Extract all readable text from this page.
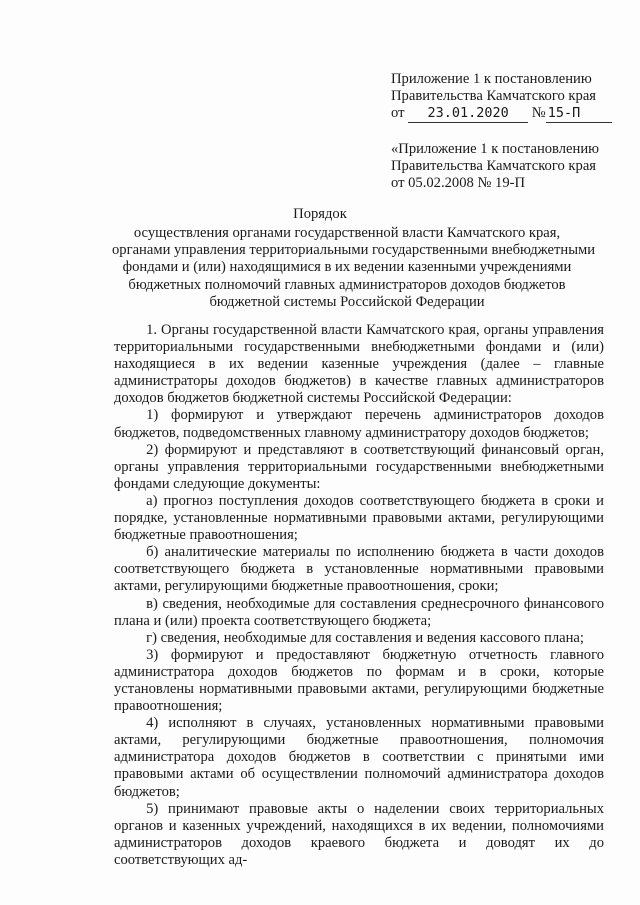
Приложение 1 к постановлению
Правительства Камчатского края
от 23.01.2020 № 15-П
«Приложение 1 к постановлению
Правительства Камчатского края
от 05.02.2008 № 19-П
Порядок
осуществления органами государственной власти Камчатского края,
органами управления территориальными государственными внебюджетными
фондами и (или) находящимися в их ведении казенными учреждениями
бюджетных полномочий главных администраторов доходов бюджетов
бюджетной системы Российской Федерации

1. Органы государственной власти Камчатского края, органы управления территориальными государственными внебюджетными фондами и (или) находящиеся в их ведении казенные учреждения (далее – главные администраторы доходов бюджетов) в качестве главных администраторов доходов бюджетов бюджетной системы Российской Федерации:

1) формируют и утверждают перечень администраторов доходов бюджетов, подведомственных главному администратору доходов бюджетов;

2) формируют и представляют в соответствующий финансовый орган, органы управления территориальными государственными внебюджетными фондами следующие документы:

а) прогноз поступления доходов соответствующего бюджета в сроки и порядке, установленные нормативными правовыми актами, регулирующими бюджетные правоотношения;

б) аналитические материалы по исполнению бюджета в части доходов соответствующего бюджета в установленные нормативными правовыми актами, регулирующими бюджетные правоотношения, сроки;

в) сведения, необходимые для составления среднесрочного финансового плана и (или) проекта соответствующего бюджета;

г) сведения, необходимые для составления и ведения кассового плана;

3) формируют и предоставляют бюджетную отчетность главного администратора доходов бюджетов по формам и в сроки, которые установлены нормативными правовыми актами, регулирующими бюджетные правоотношения;

4) исполняют в случаях, установленных нормативными правовыми актами, регулирующими бюджетные правоотношения, полномочия администратора доходов бюджетов в соответствии с принятыми ими правовыми актами об осуществлении полномочий администратора доходов бюджетов;

5) принимают правовые акты о наделении своих территориальных органов и казенных учреждений, находящихся в их ведении, полномочиями администраторов доходов краевого бюджета и доводят их до соответствующих ад-
